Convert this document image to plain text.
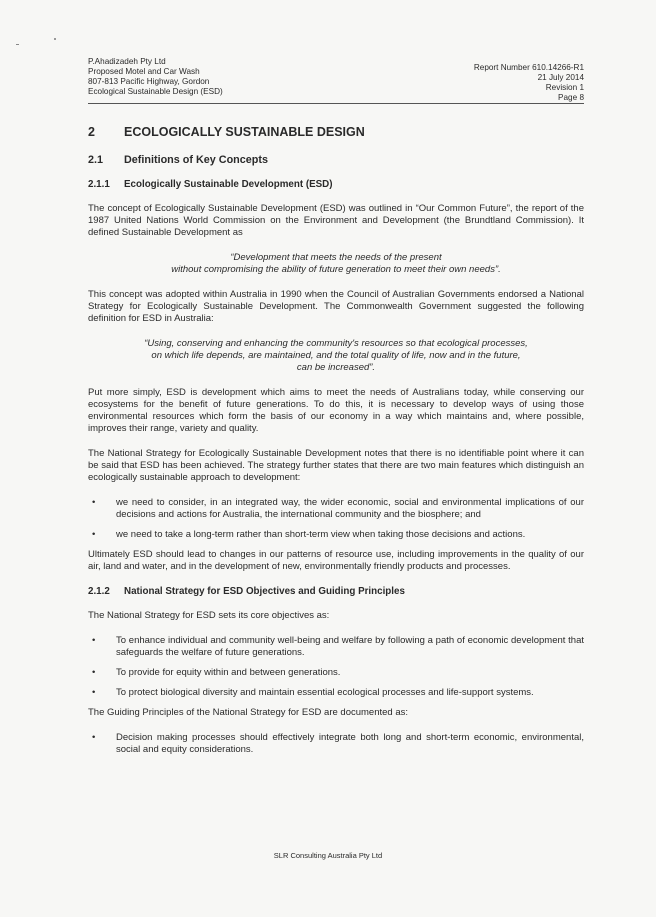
P.Ahadizadeh Pty Ltd
Proposed Motel and Car Wash
807-813 Pacific Highway, Gordon
Ecological Sustainable Design (ESD)
Report Number 610.14266-R1
21 July 2014
Revision 1
Page 8
2	ECOLOGICALLY SUSTAINABLE DESIGN
2.1	Definitions of Key Concepts
2.1.1	Ecologically Sustainable Development (ESD)

The concept of Ecologically Sustainable Development (ESD) was outlined in “Our Common Future”, the report of the 1987 United Nations World Commission on the Environment and Development (the Brundtland Commission). It defined Sustainable Development as

“Development that meets the needs of the present
without compromising the ability of future generation to meet their own needs”.

This concept was adopted within Australia in 1990 when the Council of Australian Governments endorsed a National Strategy for Ecologically Sustainable Development. The Commonwealth Government suggested the following definition for ESD in Australia:

“Using, conserving and enhancing the community's resources so that ecological processes,
on which life depends, are maintained, and the total quality of life, now and in the future,
can be increased”.

Put more simply, ESD is development which aims to meet the needs of Australians today, while conserving our ecosystems for the benefit of future generations. To do this, it is necessary to develop ways of using those environmental resources which form the basis of our economy in a way which maintains and, where possible, improves their range, variety and quality.

The National Strategy for Ecologically Sustainable Development notes that there is no identifiable point where it can be said that ESD has been achieved. The strategy further states that there are two main features which distinguish an ecologically sustainable approach to development:

•	we need to consider, in an integrated way, the wider economic, social and environmental implications of our decisions and actions for Australia, the international community and the biosphere; and
•	we need to take a long-term rather than short-term view when taking those decisions and actions.

Ultimately ESD should lead to changes in our patterns of resource use, including improvements in the quality of our air, land and water, and in the development of new, environmentally friendly products and processes.

2.1.2	National Strategy for ESD Objectives and Guiding Principles

The National Strategy for ESD sets its core objectives as:

•	To enhance individual and community well-being and welfare by following a path of economic development that safeguards the welfare of future generations.
•	To provide for equity within and between generations.
•	To protect biological diversity and maintain essential ecological processes and life-support systems.

The Guiding Principles of the National Strategy for ESD are documented as:

•	Decision making processes should effectively integrate both long and short-term economic, environmental, social and equity considerations.
SLR Consulting Australia Pty Ltd
